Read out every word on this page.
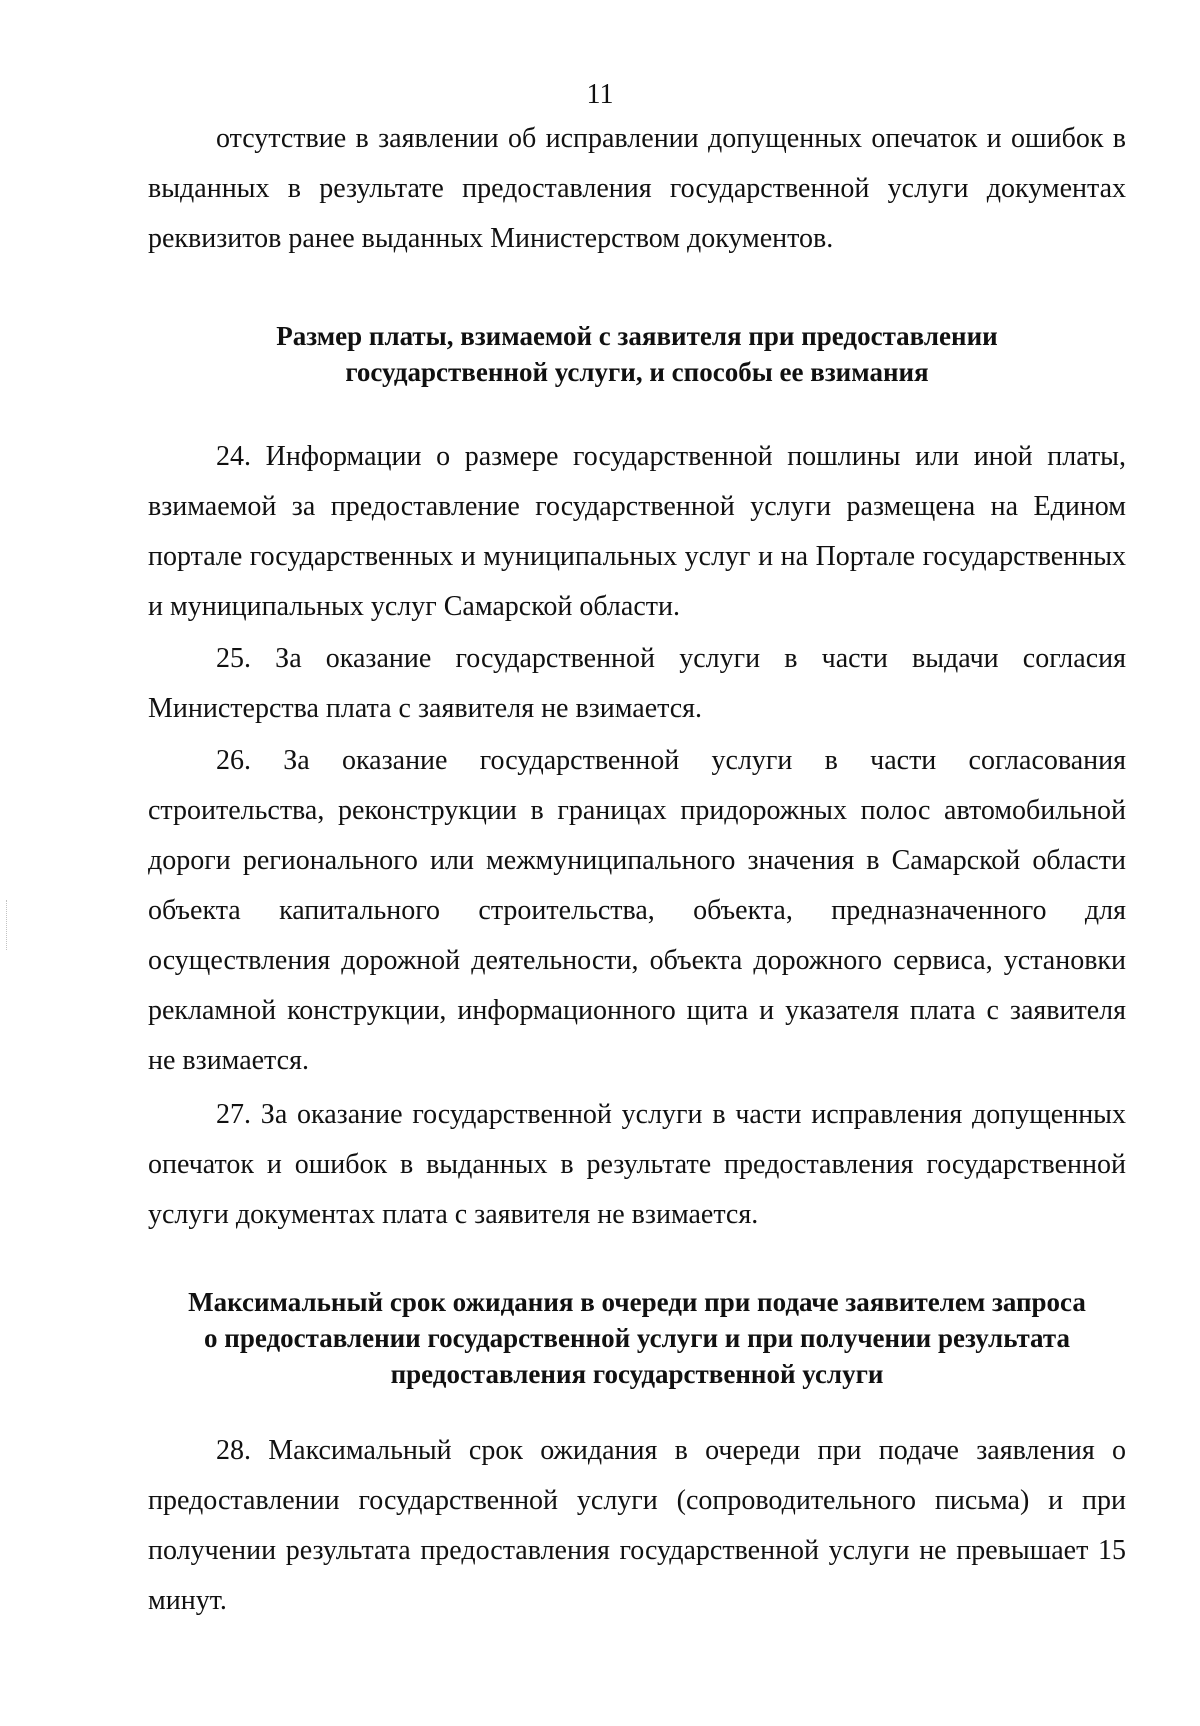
11

отсутствие в заявлении об исправлении допущенных опечаток и ошибок в выданных в результате предоставления государственной услуги документах реквизитов ранее выданных Министерством документов.

Размер платы, взимаемой с заявителя при предоставлении
государственной услуги, и способы ее взимания

24. Информации о размере государственной пошлины или иной платы, взимаемой за предоставление государственной услуги размещена на Едином портале государственных и муниципальных услуг и на Портале государственных и муниципальных услуг Самарской области.

25. За оказание государственной услуги в части выдачи согласия Министерства плата с заявителя не взимается.

26. За оказание государственной услуги в части согласования строительства, реконструкции в границах придорожных полос автомобильной дороги регионального или межмуниципального значения в Самарской области объекта капитального строительства, объекта, предназначенного для осуществления дорожной деятельности, объекта дорожного сервиса, установки рекламной конструкции, информационного щита и указателя плата с заявителя не взимается.

27. За оказание государственной услуги в части исправления допущенных опечаток и ошибок в выданных в результате предоставления государственной услуги документах плата с заявителя не взимается.

Максимальный срок ожидания в очереди при подаче заявителем запроса
о предоставлении государственной услуги и при получении результата
предоставления государственной услуги

28. Максимальный срок ожидания в очереди при подаче заявления о предоставлении государственной услуги (сопроводительного письма) и при получении результата предоставления государственной услуги не превышает 15 минут.
